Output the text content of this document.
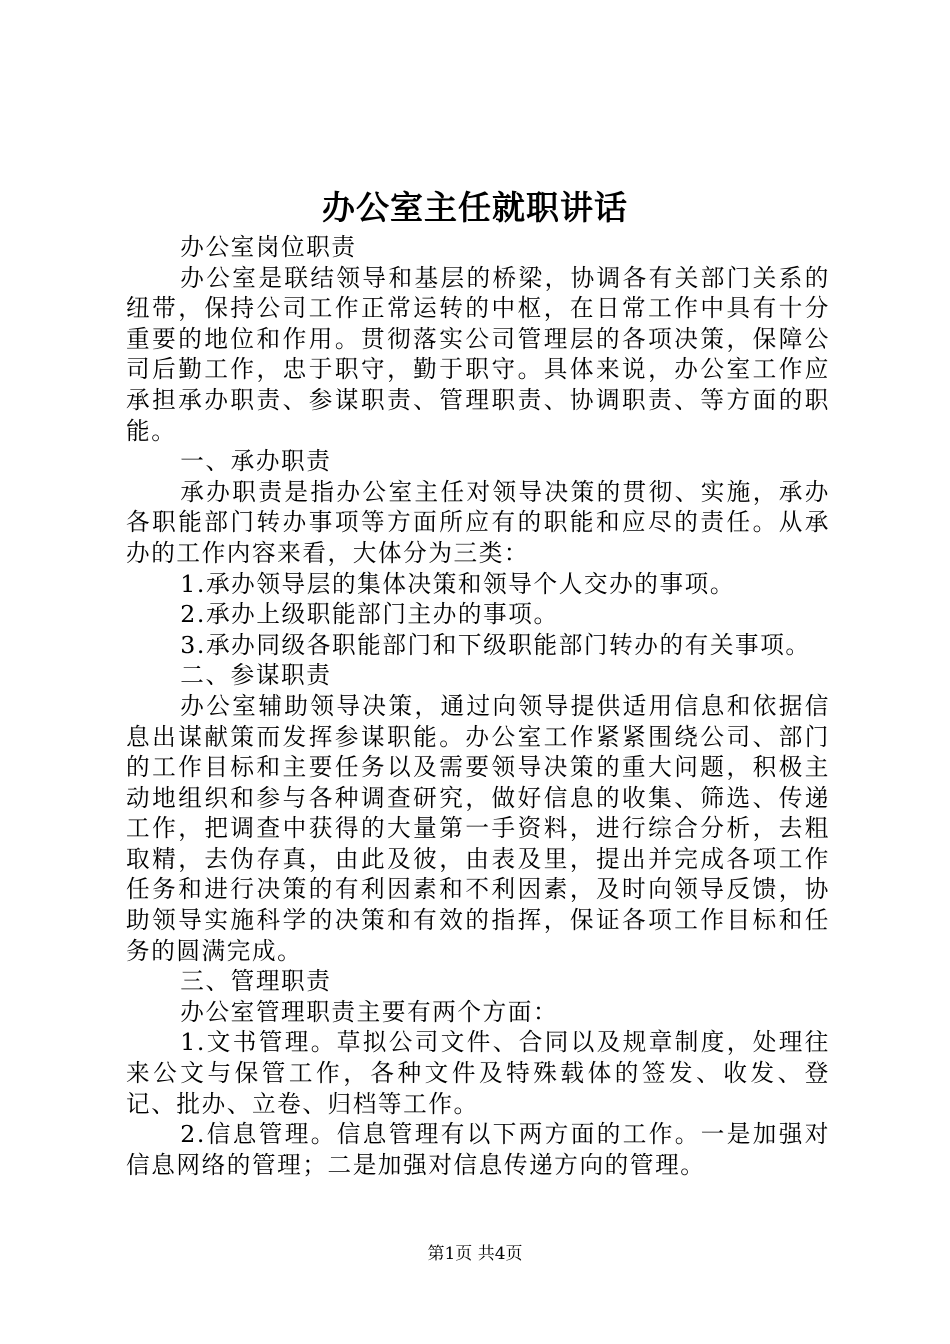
办公室主任就职讲话

办公室岗位职责

办公室是联结领导和基层的桥梁，协调各有关部门关系的纽带，保持公司工作正常运转的中枢，在日常工作中具有十分重要的地位和作用。贯彻落实公司管理层的各项决策，保障公司后勤工作，忠于职守，勤于职守。具体来说，办公室工作应承担承办职责、参谋职责、管理职责、协调职责、等方面的职能。

一、承办职责

承办职责是指办公室主任对领导决策的贯彻、实施，承办各职能部门转办事项等方面所应有的职能和应尽的责任。从承办的工作内容来看，大体分为三类：

1.承办领导层的集体决策和领导个人交办的事项。

2.承办上级职能部门主办的事项。

3.承办同级各职能部门和下级职能部门转办的有关事项。

二、参谋职责

办公室辅助领导决策，通过向领导提供适用信息和依据信息出谋献策而发挥参谋职能。办公室工作紧紧围绕公司、部门的工作目标和主要任务以及需要领导决策的重大问题，积极主动地组织和参与各种调查研究，做好信息的收集、筛选、传递工作，把调查中获得的大量第一手资料，进行综合分析，去粗取精，去伪存真，由此及彼，由表及里，提出并完成各项工作任务和进行决策的有利因素和不利因素，及时向领导反馈，协助领导实施科学的决策和有效的指挥，保证各项工作目标和任务的圆满完成。

三、管理职责

办公室管理职责主要有两个方面：

1.文书管理。草拟公司文件、合同以及规章制度，处理往来公文与保管工作，各种文件及特殊载体的签发、收发、登记、批办、立卷、归档等工作。

2.信息管理。信息管理有以下两方面的工作。一是加强对信息网络的管理；二是加强对信息传递方向的管理。

第1页 共4页
